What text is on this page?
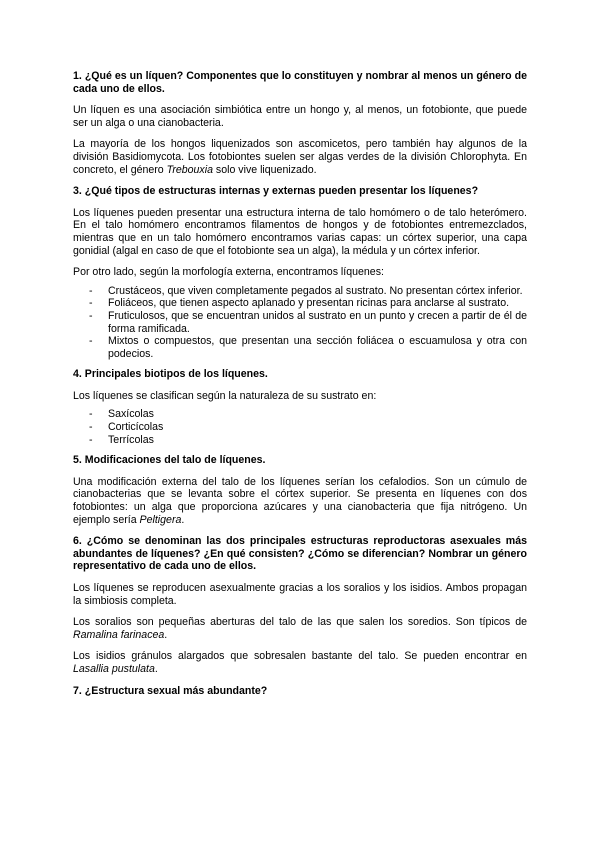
1. ¿Qué es un líquen? Componentes que lo constituyen y nombrar al menos un género de cada uno de ellos.

Un líquen es una asociación simbiótica entre un hongo y, al menos, un fotobionte, que puede ser un alga o una cianobacteria.

La mayoría de los hongos liquenizados son ascomicetos, pero también hay algunos de la división Basidiomycota. Los fotobiontes suelen ser algas verdes de la división Chlorophyta. En concreto, el género Trebouxia solo vive liquenizado.

3. ¿Qué tipos de estructuras internas y externas pueden presentar los líquenes?

Los líquenes pueden presentar una estructura interna de talo homómero o de talo heterómero. En el talo homómero encontramos filamentos de hongos y de fotobiontes entremezclados, mientras que en un talo homómero encontramos varias capas: un córtex superior, una capa gonidial (algal en caso de que el fotobionte sea un alga), la médula y un córtex inferior.

Por otro lado, según la morfología externa, encontramos líquenes:

- Crustáceos, que viven completamente pegados al sustrato. No presentan córtex inferior.
- Foliáceos, que tienen aspecto aplanado y presentan ricinas para anclarse al sustrato.
- Fruticulosos, que se encuentran unidos al sustrato en un punto y crecen a partir de él de forma ramificada.
- Mixtos o compuestos, que presentan una sección foliácea o escuamulosa y otra con podecios.
4. Principales biotipos de los líquenes.

Los líquenes se clasifican según la naturaleza de su sustrato en:

- Saxícolas
- Corticícolas
- Terrícolas
5. Modificaciones del talo de líquenes.

Una modificación externa del talo de los líquenes serían los cefalodios. Son un cúmulo de cianobacterias que se levanta sobre el córtex superior. Se presenta en líquenes con dos fotobiontes: un alga que proporciona azúcares y una cianobacteria que fija nitrógeno. Un ejemplo sería Peltigera.

6. ¿Cómo se denominan las dos principales estructuras reproductoras asexuales más abundantes de líquenes? ¿En qué consisten? ¿Cómo se diferencian? Nombrar un género representativo de cada uno de ellos.

Los líquenes se reproducen asexualmente gracias a los soralios y los isidios. Ambos propagan la simbiosis completa.

Los soralios son pequeñas aberturas del talo de las que salen los soredios. Son típicos de Ramalina farinacea.

Los isidios gránulos alargados que sobresalen bastante del talo. Se pueden encontrar en Lasallia pustulata.

7. ¿Estructura sexual más abundante?
